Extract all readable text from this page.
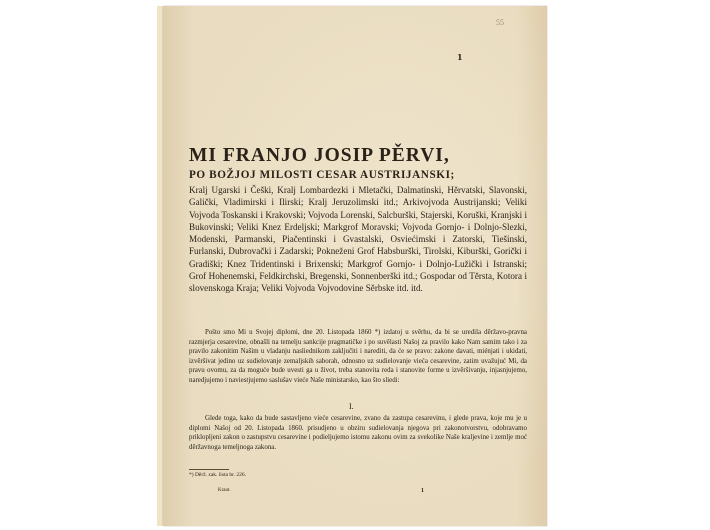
55
1
MI FRANJO JOSIP PĚRVI,
PO BOŽJOJ MILOSTI CESAR AUSTRIJANSKI;
Kralj Ugarski i Češki, Kralj Lombardezki i Mletački, Dalmatinski, Hěrvatski, Slavonski, Galički, Vladimirski i Ilirski; Kralj Jeruzolimski itd.; Arkivojvoda Austrijanski; Veliki Vojvoda Toskanski i Krakovski; Vojvoda Lorenski, Salcburški, Stajerski, Koruški, Kranjski i Bukovinski; Veliki Knez Erdeljski; Markgrof Moravski; Vojvoda Gornjo- i Dolnjo-Slezki, Modenski, Parmanski, Piačentinski i Gvastalski, Osviećimski i Zatorski, Tiešinski, Furlanski, Dubrovački i Zadarski; Pokneženi Grof Habsburški, Tirolski, Kiburški, Gorički i Gradiški; Knez Tridentinski i Brixenski; Markgrof Gornjo- i Dolnjo-Lužički i Istranski; Grof Hohenemski, Feldkirchski, Bregenski, Sonnenberški itd.; Gospodar od Těrsta, Kotora i slovenskoga Kraja; Veliki Vojvoda Vojvodovine Sěrbske itd. itd.
Pošto smo Mi u Svojej diplomi, dne 20. Listopada 1860 *) izdatoj u svěrhu, da bi se uredila děržavo-pravna razmjerja cesarevine, obnašli na temelju sankcije pragmatičke i po suvělasti Našoj za pravilo kako Nam samim tako i za pravilo zakonitim Našim u vladanju nasliednikom zaključiti i narediti, da će se pravo: zakone davati, miénjati i ukidati, izvěršivat jedino uz sudielovanje zemaljskih saborah, odnosno uz sudielovanje vieća cesarevine, zatim uvažujuć Mi, da pravu ovomu, za da moguće bude uvesti ga u život, treba stanovita reda i stanovite forme u izvěršivanju, injasnjujemo, naredjujemo i naviestjujemo saslušav vieće Naše ministarsko, kao što sliedi:
I.
Glede toga, kako da bude sastavljeno vieće cesarevine, zvano da zastupa cesarevinu, i glede prava, koje mu je u diplomi Našoj od 20. Listopada 1860. prisudjeno u obziru sudielovanja njegova pri zakonotvorstvu, odobravamo priklopljeni zakon o zastupstvu cesarevine i podieljujemo istomu zakonu ovim za svekolike Naše kraljevine i zemlje moć děržavnoga temeljnoga zakona.
*) Děrž. zak. lista br. 226.
Kraut.	1
